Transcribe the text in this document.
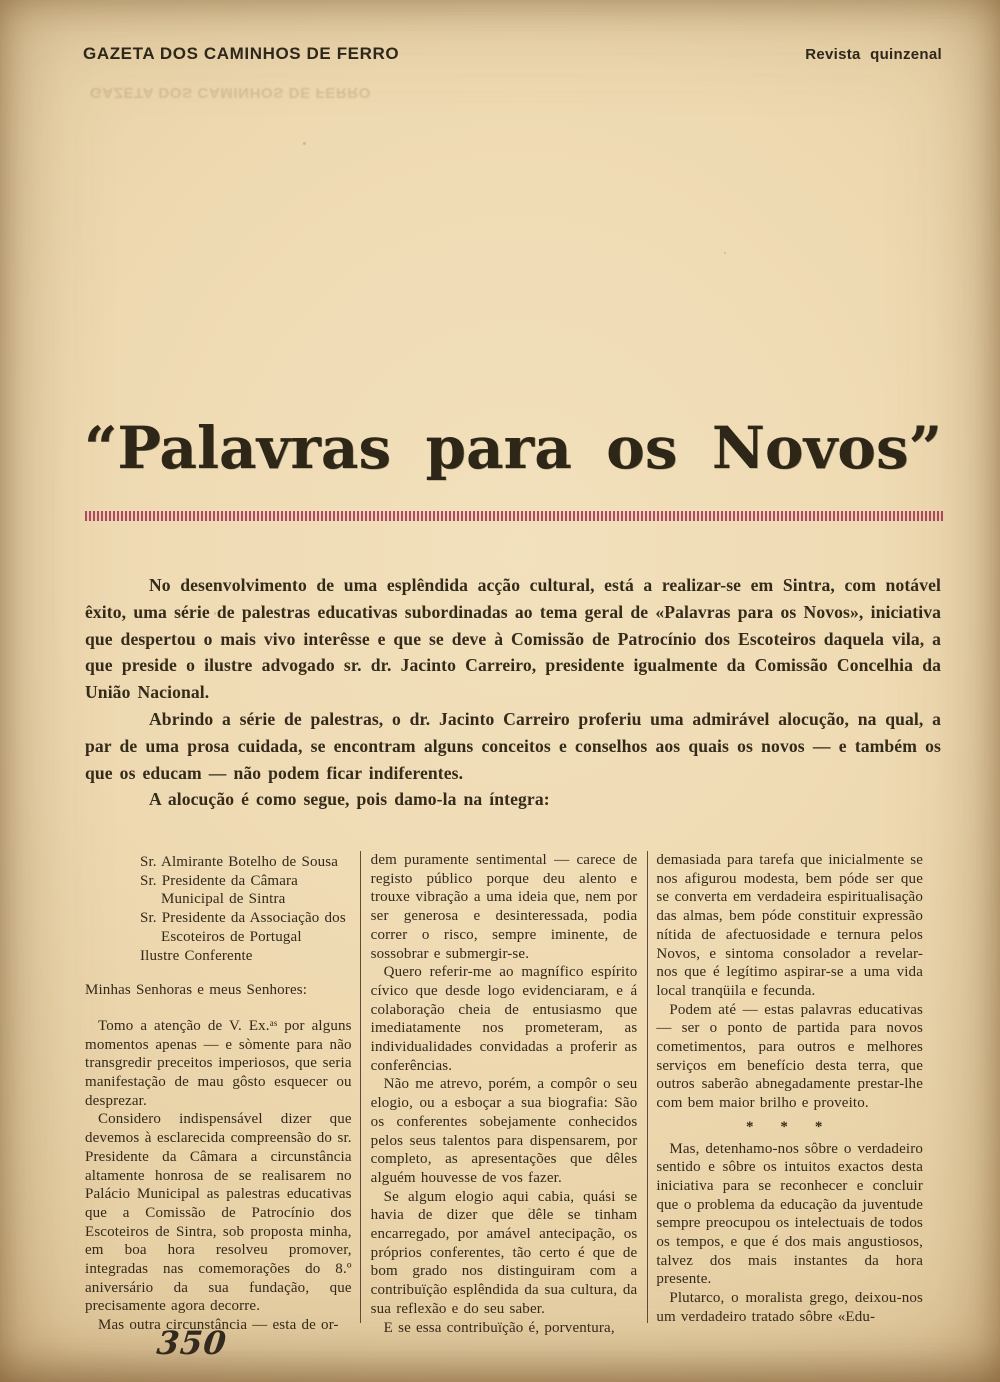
GAZETA DOS CAMINHOS DE FERRO	Revista quinzenal
GAZETA DOS CAMINHOS DE FERRO
“Palavras para os Novos”

No desenvolvimento de uma esplêndida acção cultural, está a realizar-se em Sintra, com notável êxito, uma série de palestras educativas subordinadas ao tema geral de «Palavras para os Novos», iniciativa que despertou o mais vivo interêsse e que se deve à Comissão de Patrocínio dos Escoteiros daquela vila, a que preside o ilustre advogado sr. dr. Jacinto Carreiro, presidente igualmente da Comissão Concelhia da União Nacional.

Abrindo a série de palestras, o dr. Jacinto Carreiro proferiu uma admirável alocução, na qual, a par de uma prosa cuidada, se encontram alguns conceitos e conselhos aos quais os novos — e também os que os educam — não podem ficar indiferentes.

A alocução é como segue, pois damo-la na íntegra:

Sr. Almirante Botelho de Sousa

Sr. Presidente da Câmara Municipal de Sintra

Sr. Presidente da Associação dos Escoteiros de Portugal

Ilustre Conferente

Minhas Senhoras e meus Senhores:

Tomo a atenção de V. Ex.ᵃˢ por alguns momentos apenas — e sòmente para não transgredir preceitos imperiosos, que seria manifestação de mau gôsto esquecer ou desprezar.

Considero indispensável dizer que devemos à esclarecida compreensão do sr. Presidente da Câmara a circunstância altamente honrosa de se realisarem no Palácio Municipal as palestras educativas que a Comissão de Patrocínio dos Escoteiros de Sintra, sob proposta minha, em boa hora resolveu promover, integradas nas comemorações do 8.º aniversário da sua fundação, que precisamente agora decorre.

Mas outra circunstância — esta de or-

dem puramente sentimental — carece de registo público porque deu alento e trouxe vibração a uma ideia que, nem por ser generosa e desinteressada, podia correr o risco, sempre iminente, de sossobrar e submergir-se.

Quero referir-me ao magnífico espírito cívico que desde logo evidenciaram, e á colaboração cheia de entusiasmo que imediatamente nos prometeram, as individualidades convidadas a proferir as conferências.

Não me atrevo, porém, a compôr o seu elogio, ou a esboçar a sua biografia: São os conferentes sobejamente conhecidos pelos seus talentos para dispensarem, por completo, as apresentações que dêles alguém houvesse de vos fazer.

Se algum elogio aqui cabia, quási se havia de dizer que dêle se tinham encarregado, por amável antecipação, os próprios conferentes, tão certo é que de bom grado nos distinguiram com a contribuïção esplêndida da sua cultura, da sua reflexão e do seu saber.

E se essa contribuïção é, porventura,

demasiada para tarefa que inicialmente se nos afigurou modesta, bem póde ser que se converta em verdadeira espiritualisação das almas, bem póde constituir expressão nítida de afectuosidade e ternura pelos Novos, e sintoma consolador a revelar-nos que é legítimo aspirar-se a uma vida local tranqüila e fecunda.

Podem até — estas palavras educativas — ser o ponto de partida para novos cometimentos, para outros e melhores serviços em benefício desta terra, que outros saberão abnegadamente prestar-lhe com bem maior brilho e proveito.

* * *

Mas, detenhamo-nos sôbre o verdadeiro sentido e sôbre os intuitos exactos desta iniciativa para se reconhecer e concluir que o problema da educação da juventude sempre preocupou os intelectuais de todos os tempos, e que é dos mais angustiosos, talvez dos mais instantes da hora presente.

Plutarco, o moralista grego, deixou-nos um verdadeiro tratado sôbre «Edu-

350
